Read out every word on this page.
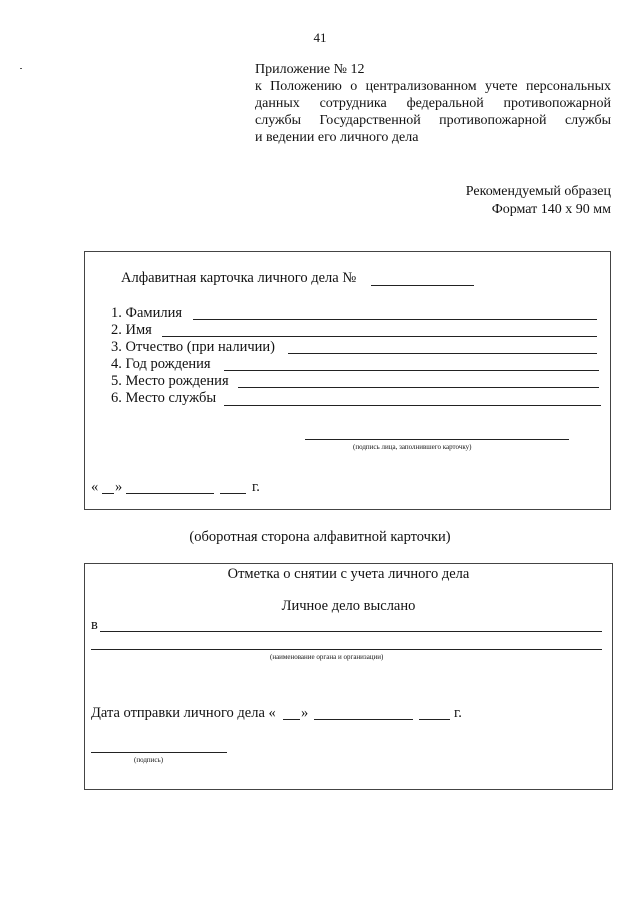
41
Приложение № 12
к Положению о централизованном учете персональных
данных сотрудника федеральной противопожарной
службы Государственной противопожарной службы
и ведении его личного дела
Рекомендуемый образец
Формат 140 х 90 мм
Алфавитная карточка личного дела №
1. Фамилия
2. Имя
3. Отчество (при наличии)
4. Год рождения
5. Место рождения
6. Место службы
(подпись лица, заполнившего карточку)
« »	г.
(оборотная сторона алфавитной карточки)
Отметка о снятии с учета личного дела
Личное дело выслано
в
(наименование органа и организации)
Дата отправки личного дела « »	г.
(подпись)
